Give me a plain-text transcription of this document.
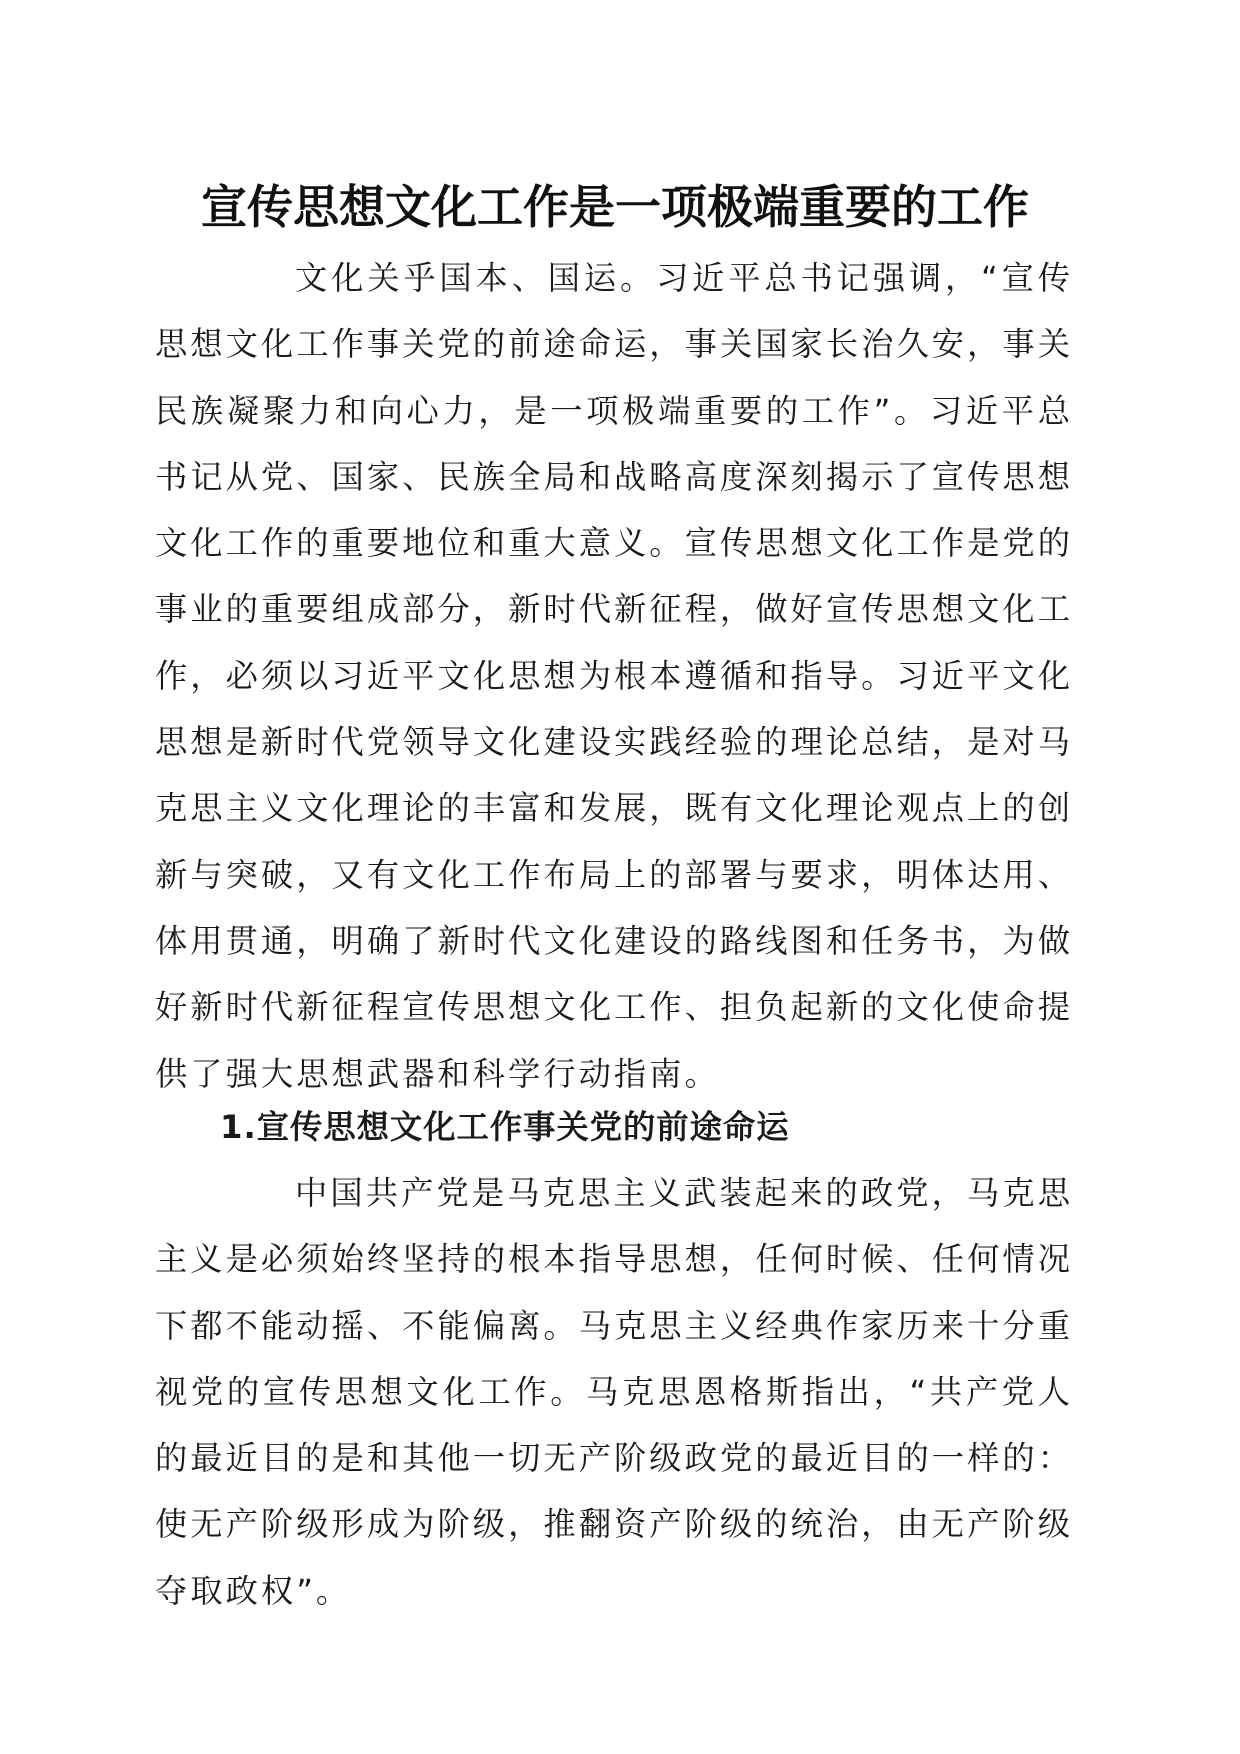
宣传思想文化工作是一项极端重要的工作

文化关乎国本、国运。习近平总书记强调，“宣传思想文化工作事关党的前途命运，事关国家长治久安，事关民族凝聚力和向心力，是一项极端重要的工作”。习近平总书记从党、国家、民族全局和战略高度深刻揭示了宣传思想文化工作的重要地位和重大意义。宣传思想文化工作是党的事业的重要组成部分，新时代新征程，做好宣传思想文化工作，必须以习近平文化思想为根本遵循和指导。习近平文化思想是新时代党领导文化建设实践经验的理论总结，是对马克思主义文化理论的丰富和发展，既有文化理论观点上的创新与突破，又有文化工作布局上的部署与要求，明体达用、体用贯通，明确了新时代文化建设的路线图和任务书，为做好新时代新征程宣传思想文化工作、担负起新的文化使命提供了强大思想武器和科学行动指南。

1.宣传思想文化工作事关党的前途命运

中国共产党是马克思主义武装起来的政党，马克思主义是必须始终坚持的根本指导思想，任何时候、任何情况下都不能动摇、不能偏离。马克思主义经典作家历来十分重视党的宣传思想文化工作。马克思恩格斯指出，“共产党人的最近目的是和其他一切无产阶级政党的最近目的一样的：使无产阶级形成为阶级，推翻资产阶级的统治，由无产阶级夺取政权”。
